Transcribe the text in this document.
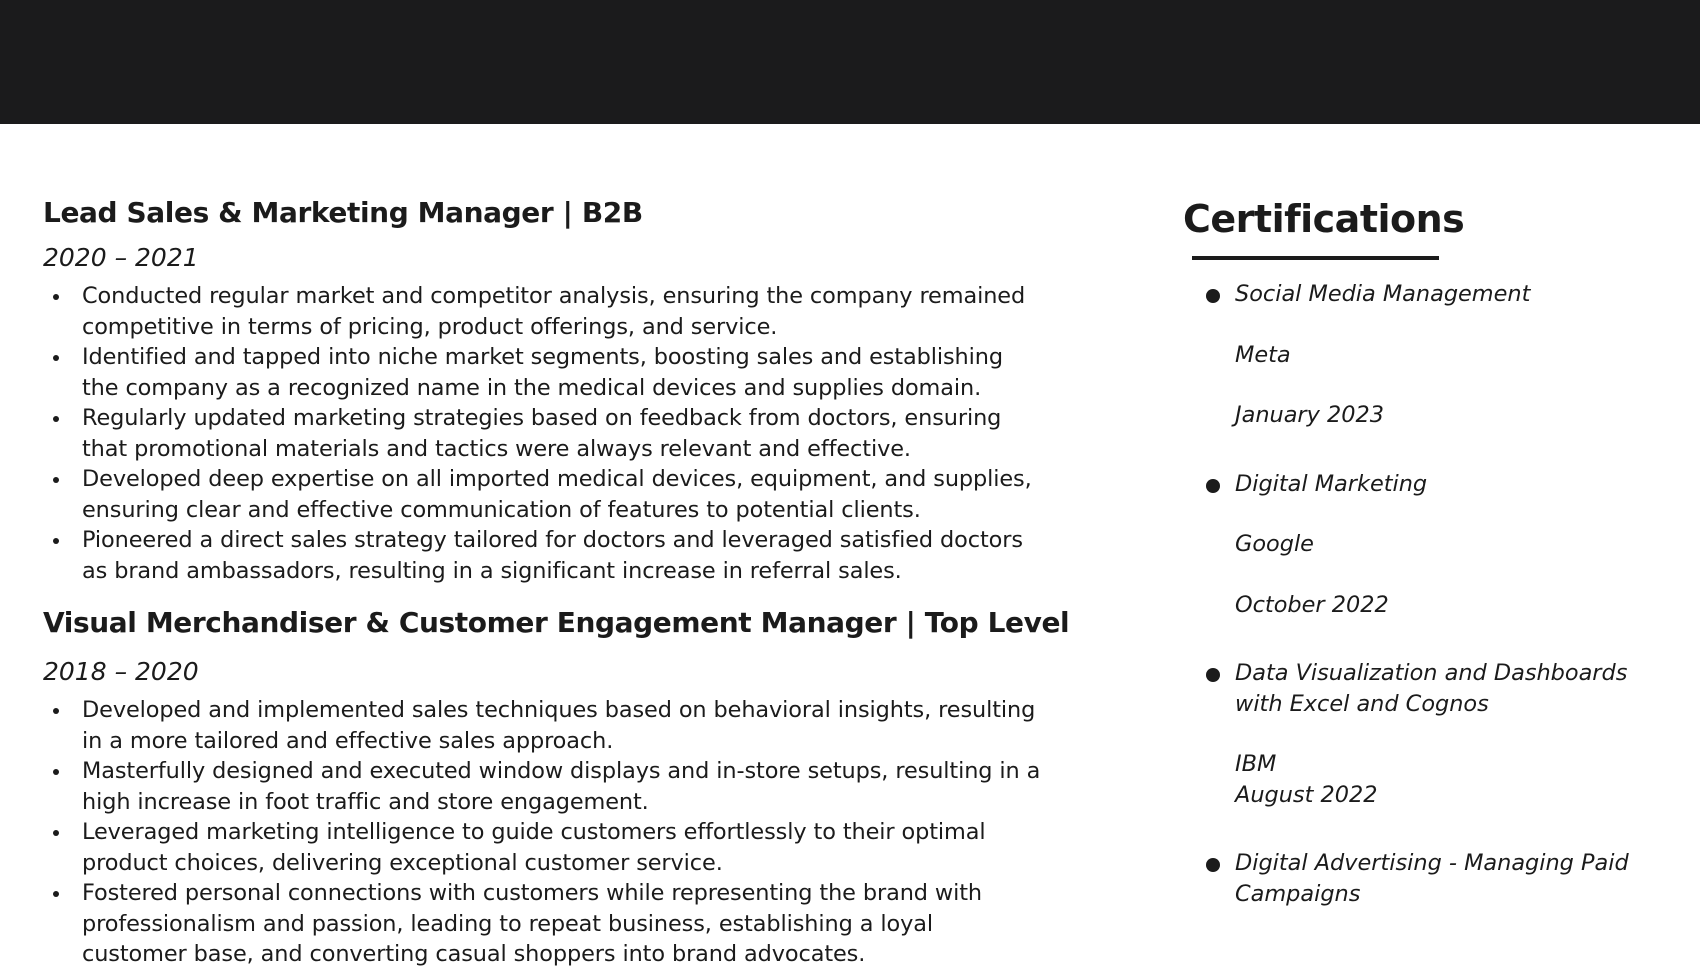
Lead Sales & Marketing Manager | B2B
2020 – 2021
Conducted regular market and competitor analysis, ensuring the company remained
competitive in terms of pricing, product offerings, and service.
Identified and tapped into niche market segments, boosting sales and establishing
the company as a recognized name in the medical devices and supplies domain.
Regularly updated marketing strategies based on feedback from doctors, ensuring
that promotional materials and tactics were always relevant and effective.
Developed deep expertise on all imported medical devices, equipment, and supplies,
ensuring clear and effective communication of features to potential clients.
Pioneered a direct sales strategy tailored for doctors and leveraged satisfied doctors
as brand ambassadors, resulting in a significant increase in referral sales.
Visual Merchandiser & Customer Engagement Manager | Top Level
2018 – 2020
Developed and implemented sales techniques based on behavioral insights, resulting
in a more tailored and effective sales approach.
Masterfully designed and executed window displays and in-store setups, resulting in a
high increase in foot traffic and store engagement.
Leveraged marketing intelligence to guide customers effortlessly to their optimal
product choices, delivering exceptional customer service.
Fostered personal connections with customers while representing the brand with
professionalism and passion, leading to repeat business, establishing a loyal
customer base, and converting casual shoppers into brand advocates.
Certifications
Social Media Management
Meta
January 2023
Digital Marketing
Google
October 2022
Data Visualization and Dashboards
with Excel and Cognos
IBM
August 2022
Digital Advertising - Managing Paid
Campaigns
